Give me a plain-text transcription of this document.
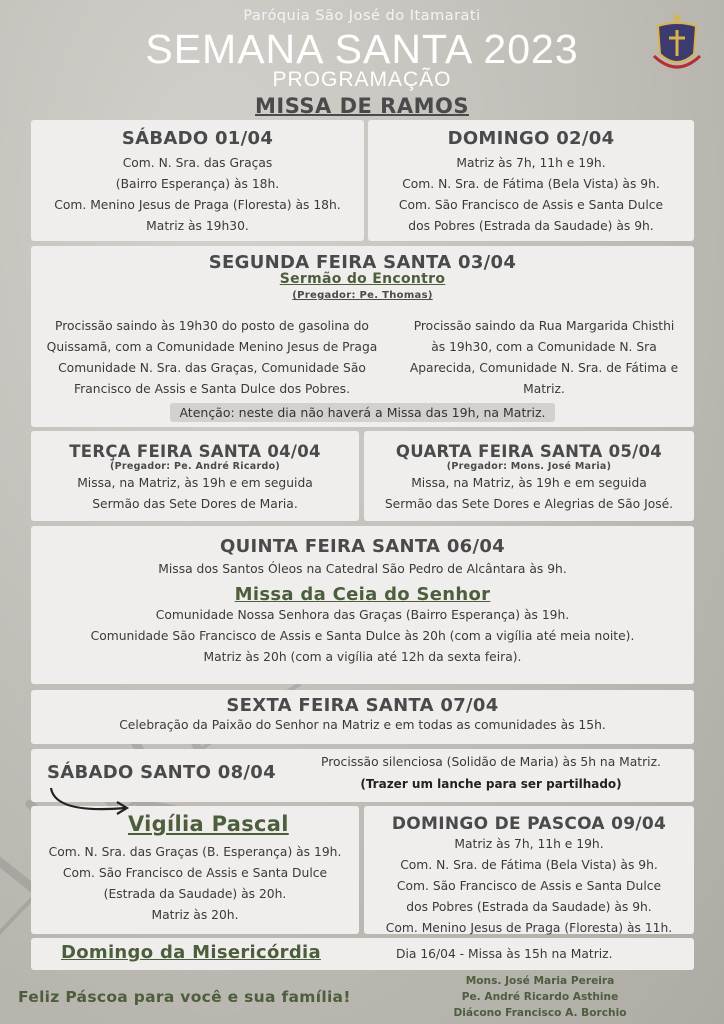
Paróquia São José do Itamarati
SEMANA SANTA 2023
PROGRAMAÇÃO
MISSA DE RAMOS
SÁBADO 01/04
Com. N. Sra. das Graças
(Bairro Esperança) às 18h.
Com. Menino Jesus de Praga (Floresta) às 18h.
Matriz às 19h30.
DOMINGO 02/04
Matriz às 7h, 11h e 19h.
Com. N. Sra. de Fátima (Bela Vista) às 9h.
Com. São Francisco de Assis e Santa Dulce
dos Pobres (Estrada da Saudade) às 9h.
SEGUNDA FEIRA SANTA 03/04
Sermão do Encontro
(Pregador: Pe. Thomas)
Procissão saindo às 19h30 do posto de gasolina do
Quissamã, com a Comunidade Menino Jesus de Praga
Comunidade N. Sra. das Graças, Comunidade São
Francisco de Assis e Santa Dulce dos Pobres.
Procissão saindo da Rua Margarida Chisthi
às 19h30, com a Comunidade N. Sra
Aparecida, Comunidade N. Sra. de Fátima e
Matriz.
Atenção: neste dia não haverá a Missa das 19h, na Matriz.
TERÇA FEIRA SANTA 04/04
(Pregador: Pe. André Ricardo)
Missa, na Matriz, às 19h e em seguida
Sermão das Sete Dores de Maria.
QUARTA FEIRA SANTA 05/04
(Pregador: Mons. José Maria)
Missa, na Matriz, às 19h e em seguida
Sermão das Sete Dores e Alegrias de São José.
QUINTA FEIRA SANTA 06/04
Missa dos Santos Óleos na Catedral São Pedro de Alcântara às 9h.
Missa da Ceia do Senhor
Comunidade Nossa Senhora das Graças (Bairro Esperança) às 19h.
Comunidade São Francisco de Assis e Santa Dulce às 20h (com a vigília até meia noite).
Matriz às 20h (com a vigília até 12h da sexta feira).
SEXTA FEIRA SANTA 07/04
Celebração da Paixão do Senhor na Matriz e em todas as comunidades às 15h.
SÁBADO SANTO 08/04	Procissão silenciosa (Solidão de Maria) às 5h na Matriz.
(Trazer um lanche para ser partilhado)
Vigília Pascal
Com. N. Sra. das Graças (B. Esperança) às 19h.
Com. São Francisco de Assis e Santa Dulce
(Estrada da Saudade) às 20h.
Matriz às 20h.
DOMINGO DE PASCOA 09/04
Matriz às 7h, 11h e 19h.
Com. N. Sra. de Fátima (Bela Vista) às 9h.
Com. São Francisco de Assis e Santa Dulce
dos Pobres (Estrada da Saudade) às 9h.
Com. Menino Jesus de Praga (Floresta) às 11h.
Domingo da Misericórdia	Dia 16/04 - Missa às 15h na Matriz.
Feliz Páscoa para você e sua família!
Mons. José Maria Pereira
Pe. André Ricardo Asthine
Diácono Francisco A. Borchio
